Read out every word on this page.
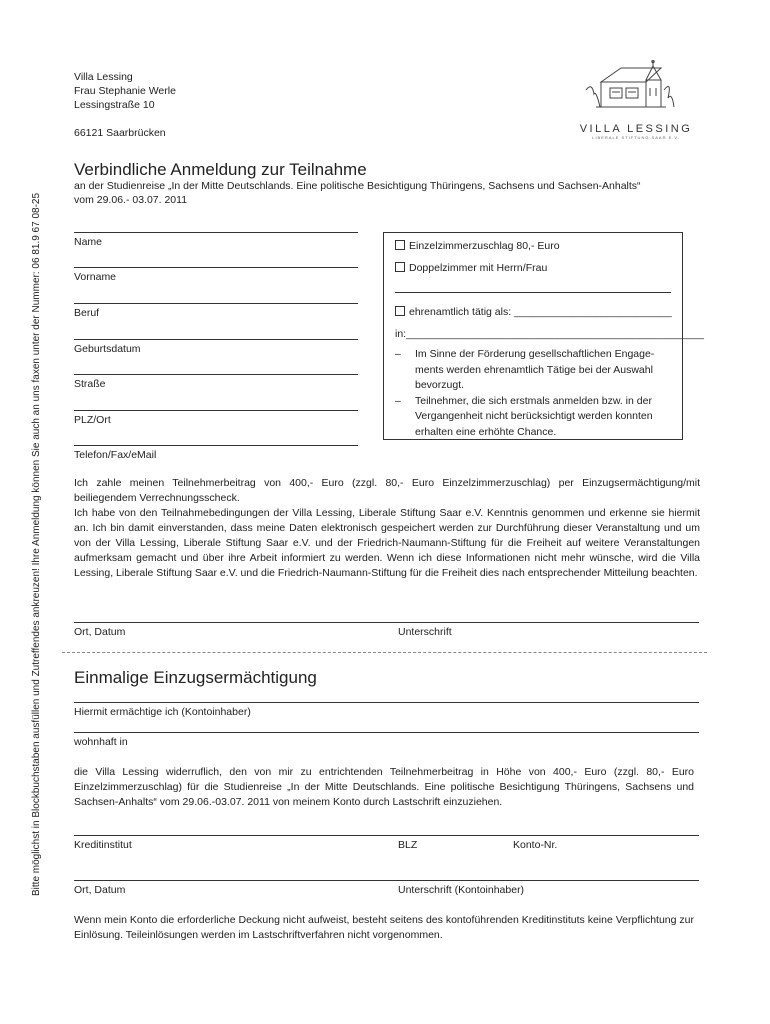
Bitte möglichst in Blockbuchstaben ausfüllen und Zutreffendes ankreuzen! Ihre Anmeldung können Sie auch an uns faxen unter der Nummer: 06 81.9 67 08-25
Villa Lessing
Frau Stephanie Werle
Lessingstraße 10
66121 Saarbrücken	VILLA LESSING
LIBERALE STIFTUNG SAAR E.V.
Verbindliche Anmeldung zur Teilnahme
an der Studienreise „In der Mitte Deutschlands. Eine politische Besichtigung Thüringens, Sachsens und Sachsen-Anhalts“
vom 29.06.- 03.07. 2011
Name
Vorname
Beruf
Geburtsdatum
Straße
PLZ/Ort
Telefon/Fax/eMail
Einzelzimmerzuschlag 80,- Euro
Doppelzimmer mit Herrn/Frau
ehrenamtlich tätig als: ___________________________
in:___________________________________________________
– Im Sinne der Förderung gesellschaftlichen Engage-ments werden ehrenamtlich Tätige bei der Auswahl bevorzugt.
– Teilnehmer, die sich erstmals anmelden bzw. in der Vergangenheit nicht berücksichtigt werden konnten erhalten eine erhöhte Chance.
Ich zahle meinen Teilnehmerbeitrag von 400,- Euro (zzgl. 80,- Euro Einzelzimmerzuschlag) per Einzugsermächtigung/mit beiliegendem Verrechnungsscheck.
Ich habe von den Teilnahmebedingungen der Villa Lessing, Liberale Stiftung Saar e.V. Kenntnis genommen und erkenne sie hiermit an. Ich bin damit einverstanden, dass meine Daten elektronisch gespeichert werden zur Durchführung dieser Veranstaltung und um von der Villa Lessing, Liberale Stiftung Saar e.V. und der Friedrich-Naumann-Stiftung für die Freiheit auf weitere Veranstaltungen aufmerksam gemacht und über ihre Arbeit informiert zu werden. Wenn ich diese Informationen nicht mehr wünsche, wird die Villa Lessing, Liberale Stiftung Saar e.V. und die Friedrich-Naumann-Stiftung für die Freiheit dies nach entsprechender Mitteilung beachten.
Ort, Datum	Unterschrift
Einmalige Einzugsermächtigung
Hiermit ermächtige ich (Kontoinhaber)
wohnhaft in
die Villa Lessing widerruflich, den von mir zu entrichtenden Teilnehmerbeitrag in Höhe von 400,- Euro (zzgl. 80,- Euro Einzelzimmerzuschlag) für die Studienreise „In der Mitte Deutschlands. Eine politische Besichtigung Thüringens, Sachsens und Sachsen-Anhalts“ vom 29.06.-03.07. 2011 von meinem Konto durch Lastschrift einzuziehen.
Kreditinstitut	BLZ	Konto-Nr.
Ort, Datum	Unterschrift (Kontoinhaber)
Wenn mein Konto die erforderliche Deckung nicht aufweist, besteht seitens des kontoführenden Kreditinstituts keine Verpflichtung zur Einlösung. Teileinlösungen werden im Lastschriftverfahren nicht vorgenommen.
